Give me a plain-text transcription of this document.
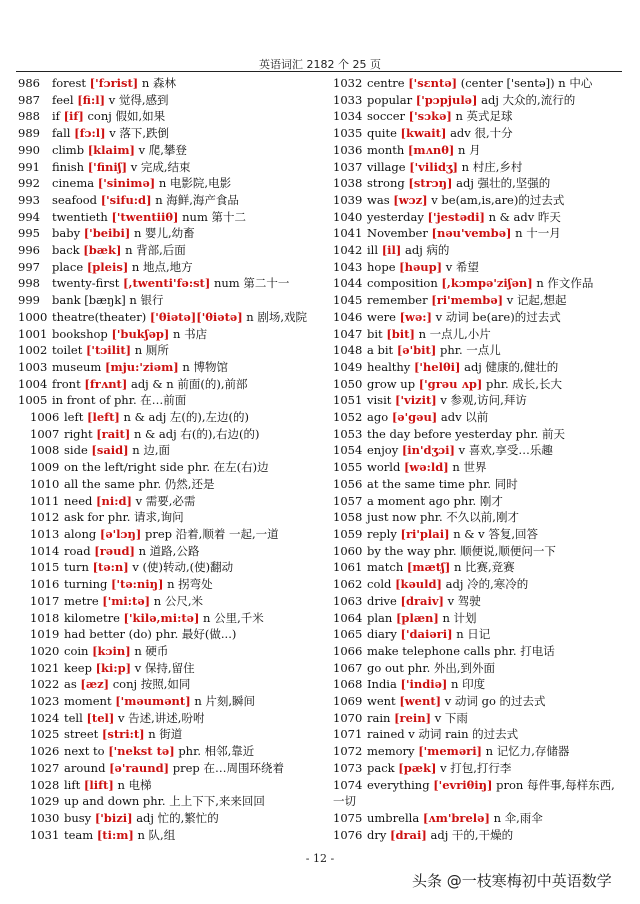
英语词汇 2182 个 25 页
986 forest ['fɔrist] n 森林
987 feel [fi:l] v 觉得,感到
988 if [if] conj 假如,如果
989 fall [fɔ:l] v 落下,跌倒
990 climb [klaim] v 爬,攀登
991 finish ['finiʃ] v 完成,结束
992 cinema ['sinimə] n 电影院,电影
993 seafood ['sifu:d] n 海鲜,海产食品
994 twentieth ['twentiiθ] num 第十二
995 baby ['beibi] n 婴儿,幼畜
996 back [bæk] n 背部,后面
997 place [pleis] n 地点,地方
998 twenty-first [,twenti'fə:st] num 第二十一
999 bank [bæŋk] n 银行
1000 theatre(theater) ['θiətə]['θiətə] n 剧场,戏院
1001 bookshop ['bukʃəp] n 书店
1002 toilet ['tɔilit] n 厕所
1003 museum [mju:'ziəm] n 博物馆
1004 front [frʌnt] adj & n 前面(的),前部
1005 in front of phr. 在…前面
1006 left [left] n & adj 左(的),左边(的)
1007 right [rait] n & adj 右(的),右边(的)
1008 side [said] n 边,面
1009 on the left/right side phr. 在左(右)边
1010 all the same phr. 仍然,还是
1011 need [ni:d] v 需要,必需
1012 ask for phr. 请求,询问
1013 along [ə'lɔŋ] prep 沿着,顺着 一起,一道
1014 road [rəud] n 道路,公路
1015 turn [tə:n] v (使)转动,(使)翻动
1016 turning ['tə:niŋ] n 拐弯处
1017 metre ['mi:tə] n 公尺,米
1018 kilometre ['kilə,mi:tə] n 公里,千米
1019 had better (do) phr. 最好(做...)
1020 coin [kɔin] n 硬币
1021 keep [ki:p] v 保持,留住
1022 as [æz] conj 按照,如同
1023 moment ['məumənt] n 片刻,瞬间
1024 tell [tel] v 告述,讲述,吩咐
1025 street [stri:t] n 街道
1026 next to ['nekst tə] phr. 相邻,靠近
1027 around [ə'raund] prep 在…周围环绕着
1028 lift [lift] n 电梯
1029 up and down phr. 上上下下,来来回回
1030 busy ['bizi] adj 忙的,繁忙的
1031 team [ti:m] n 队,组
1032 centre ['sɛntə] (center ['sentə]) n 中心
1033 popular ['pɔpjulə] adj 大众的,流行的
1034 soccer ['sɔkə] n 英式足球
1035 quite [kwait] adv 很,十分
1036 month [mʌnθ] n 月
1037 village ['vilidʒ] n 村庄,乡村
1038 strong [strɔŋ] adj 强壮的,坚强的
1039 was [wɔz] v be(am,is,are)的过去式
1040 yesterday ['jestədi] n & adv 昨天
1041 November [nəu'vembə] n 十一月
1042 ill [il] adj 病的
1043 hope [həup] v 希望
1044 composition [,kɔmpə'ziʃən] n 作文作品
1045 remember [ri'membə] v 记起,想起
1046 were [wə:] v 动词 be(are)的过去式
1047 bit [bit] n 一点儿,小片
1048 a bit [ə'bit] phr. 一点儿
1049 healthy ['helθi] adj 健康的,健壮的
1050 grow up ['grəu ʌp] phr. 成长,长大
1051 visit ['vizit] v 参观,访问,拜访
1052 ago [ə'gəu] adv 以前
1053 the day before yesterday phr. 前天
1054 enjoy [in'dʒɔi] v 喜欢,享受…乐趣
1055 world [wə:ld] n 世界
1056 at the same time phr. 同时
1057 a moment ago phr. 刚才
1058 just now phr. 不久以前,刚才
1059 reply [ri'plai] n & v 答复,回答
1060 by the way phr. 顺便说,顺便问一下
1061 match [mætʃ] n 比赛,竞赛
1062 cold [kəuld] adj 冷的,寒冷的
1063 drive [draiv] v 驾驶
1064 plan [plæn] n 计划
1065 diary ['daiəri] n 日记
1066 make telephone calls phr. 打电话
1067 go out phr. 外出,到外面
1068 India ['indiə] n 印度
1069 went [went] v 动词 go 的过去式
1070 rain [rein] v 下雨
1071 rained v 动词 rain 的过去式
1072 memory ['meməri] n 记忆力,存储器
1073 pack [pæk] v 打包,打行李
1074 everything ['evriθiŋ] pron 每件事,每样东西,一切
1075 umbrella [ʌm'brelə] n 伞,雨伞
1076 dry [drai] adj 干的,干燥的
- 12 -
头条 @一枝寒梅初中英语数学
